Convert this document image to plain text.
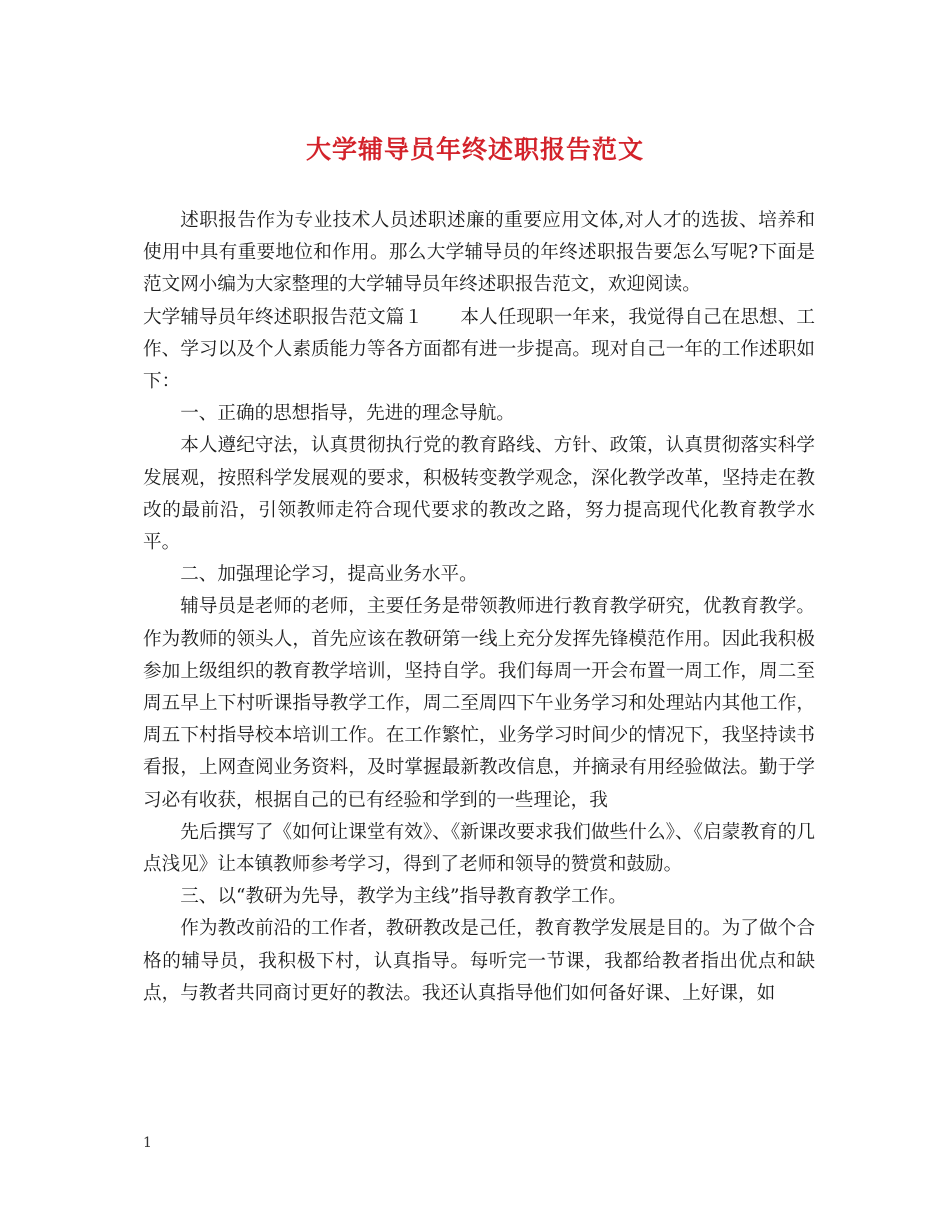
大学辅导员年终述职报告范文

述职报告作为专业技术人员述职述廉的重要应用文体,对人才的选拔、培养和使用中具有重要地位和作用。那么大学辅导员的年终述职报告要怎么写呢?下面是范文网小编为大家整理的大学辅导员年终述职报告范文，欢迎阅读。

大学辅导员年终述职报告范文篇１　　本人任现职一年来，我觉得自己在思想、工作、学习以及个人素质能力等各方面都有进一步提高。现对自己一年的工作述职如下：

一、正确的思想指导，先进的理念导航。

本人遵纪守法，认真贯彻执行党的教育路线、方针、政策，认真贯彻落实科学发展观，按照科学发展观的要求，积极转变教学观念，深化教学改革，坚持走在教改的最前沿，引领教师走符合现代要求的教改之路，努力提高现代化教育教学水平。

二、加强理论学习，提高业务水平。

辅导员是老师的老师，主要任务是带领教师进行教育教学研究，优教育教学。作为教师的领头人，首先应该在教研第一线上充分发挥先锋模范作用。因此我积极参加上级组织的教育教学培训，坚持自学。我们每周一开会布置一周工作，周二至周五早上下村听课指导教学工作，周二至周四下午业务学习和处理站内其他工作，周五下村指导校本培训工作。在工作繁忙，业务学习时间少的情况下，我坚持读书看报，上网查阅业务资料，及时掌握最新教改信息，并摘录有用经验做法。勤于学习必有收获，根据自己的已有经验和学到的一些理论，我

先后撰写了《如何让课堂有效》、《新课改要求我们做些什么》、《启蒙教育的几点浅见》让本镇教师参考学习，得到了老师和领导的赞赏和鼓励。

三、以“教研为先导，教学为主线”指导教育教学工作。

作为教改前沿的工作者，教研教改是己任，教育教学发展是目的。为了做个合格的辅导员，我积极下村，认真指导。每听完一节课，我都给教者指出优点和缺点，与教者共同商讨更好的教法。我还认真指导他们如何备好课、上好课，如

1
